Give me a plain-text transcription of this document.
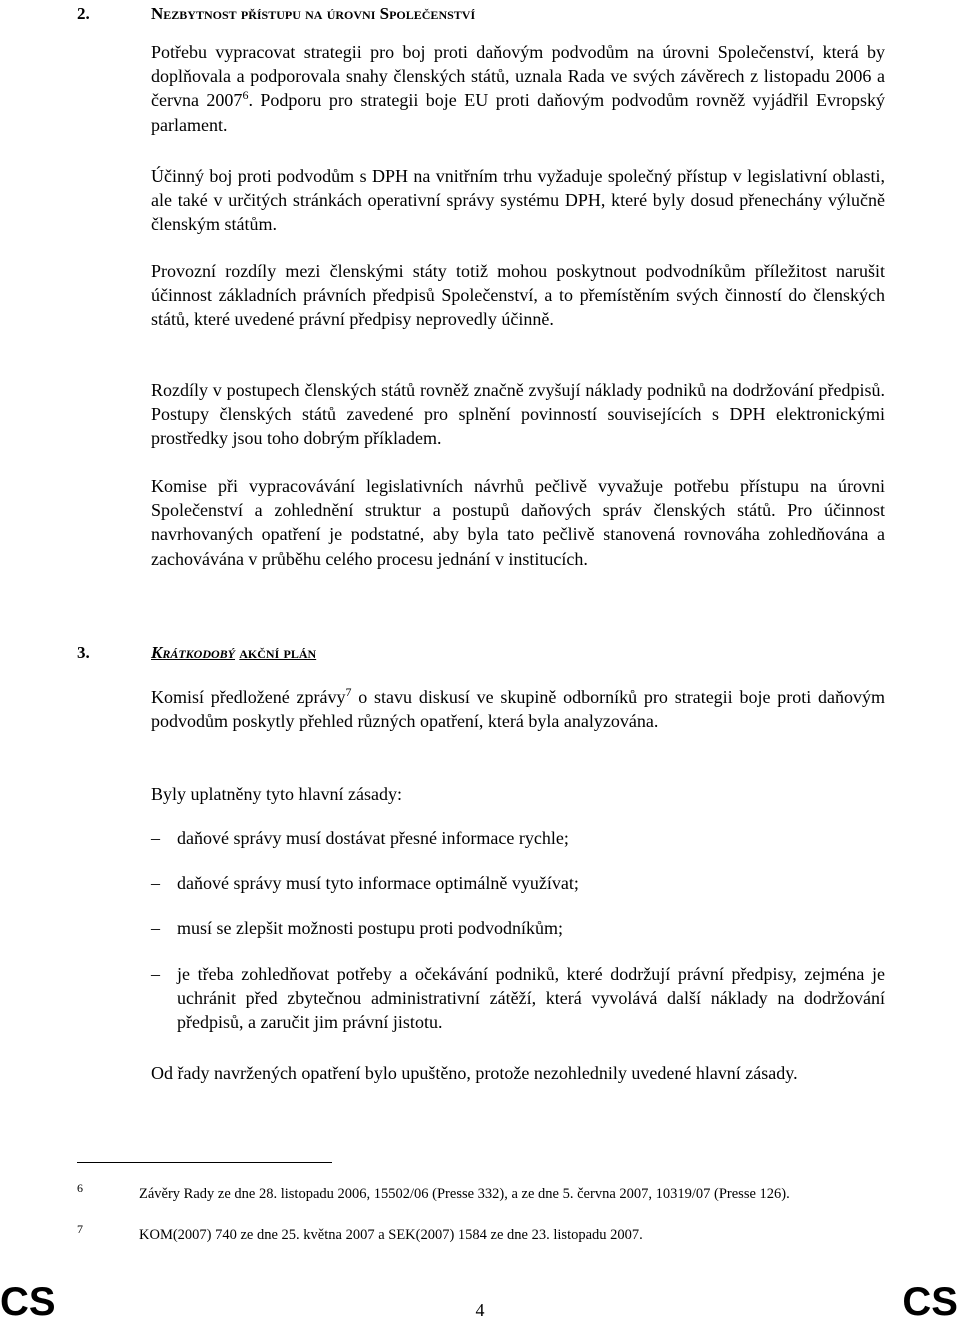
2.	Nezbytnost přístupu na úrovni Společenství

Potřebu vypracovat strategii pro boj proti daňovým podvodům na úrovni Společenství, která by doplňovala a podporovala snahy členských států, uznala Rada ve svých závěrech z listopadu 2006 a června 2007$^6$. Podporu pro strategii boje EU proti daňovým podvodům rovněž vyjádřil Evropský parlament.

Účinný boj proti podvodům s DPH na vnitřním trhu vyžaduje společný přístup v legislativní oblasti, ale také v určitých stránkách operativní správy systému DPH, které byly dosud přenechány výlučně členským státům.

Provozní rozdíly mezi členskými státy totiž mohou poskytnout podvodníkům příležitost narušit účinnost základních právních předpisů Společenství, a to přemístěním svých činností do členských států, které uvedené právní předpisy neprovedly účinně.

Rozdíly v postupech členských států rovněž značně zvyšují náklady podniků na dodržování předpisů. Postupy členských států zavedené pro splnění povinností souvisejících s DPH elektronickými prostředky jsou toho dobrým příkladem.

Komise při vypracovávání legislativních návrhů pečlivě vyvažuje potřebu přístupu na úrovni Společenství a zohlednění struktur a postupů daňových správ členských států. Pro účinnost navrhovaných opatření je podstatné, aby byla tato pečlivě stanovená rovnováha zohledňována a zachovávána v průběhu celého procesu jednání v institucích.

3.	Krátkodobý akční plán

Komisí předložené zprávy$^7$ o stavu diskusí ve skupině odborníků pro strategii boje proti daňovým podvodům poskytly přehled různých opatření, která byla analyzována.

Byly uplatněny tyto hlavní zásady:

– daňové správy musí dostávat přesné informace rychle;
– daňové správy musí tyto informace optimálně využívat;
– musí se zlepšit možnosti postupu proti podvodníkům;
– je třeba zohledňovat potřeby a očekávání podniků, které dodržují právní předpisy, zejména je uchránit před zbytečnou administrativní zátěží, která vyvolává další náklady na dodržování předpisů, a zaručit jim právní jistotu.

Od řady navržených opatření bylo upuštěno, protože nezohlednily uvedené hlavní zásady.

6	Závěry Rady ze dne 28. listopadu 2006, 15502/06 (Presse 332), a ze dne 5. června 2007, 10319/07 (Presse 126).
7	KOM(2007) 740 ze dne 25. května 2007 a SEK(2007) 1584 ze dne 23. listopadu 2007.
CS	4	CS
